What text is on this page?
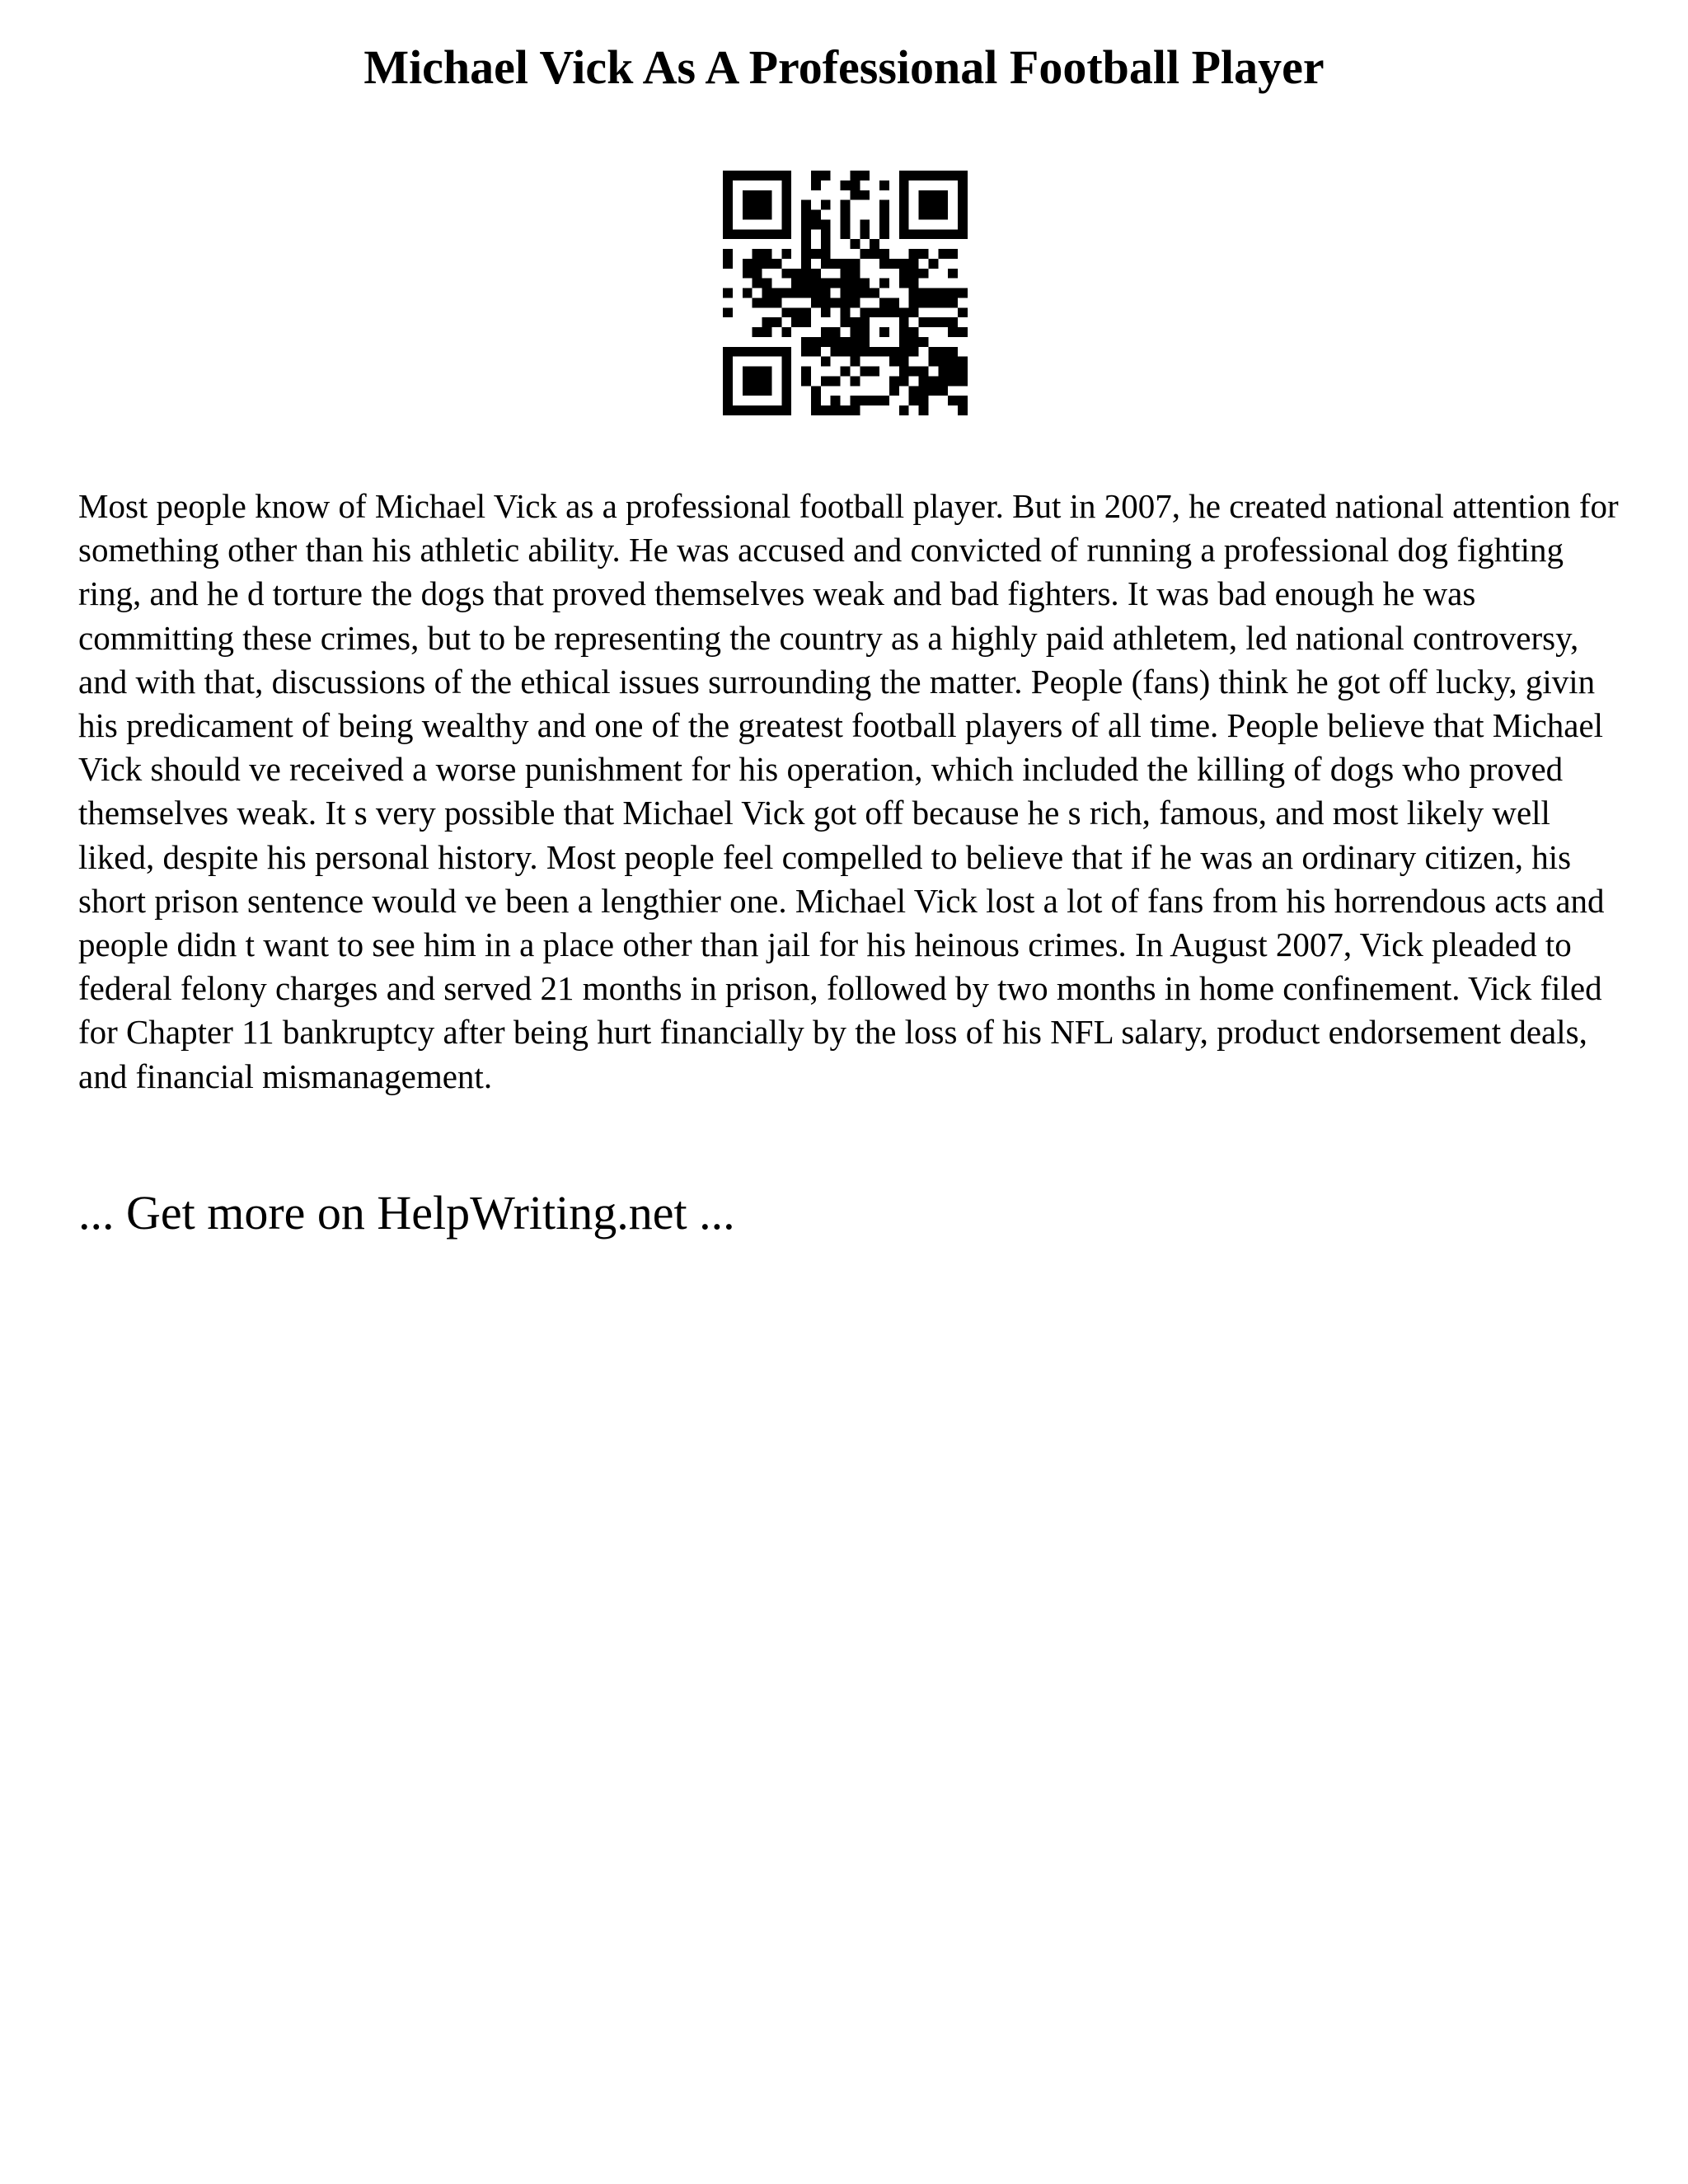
Michael Vick As A Professional Football Player

Most people know of Michael Vick as a professional football player. But in 2007, he created national attention for something other than his athletic ability. He was accused and convicted of running a professional dog fighting ring, and he d torture the dogs that proved themselves weak and bad fighters. It was bad enough he was committing these crimes, but to be representing the country as a highly paid athletem, led national controversy, and with that, discussions of the ethical issues surrounding the matter. People (fans) think he got off lucky, givin his predicament of being wealthy and one of the greatest football players of all time. People believe that Michael Vick should ve received a worse punishment for his operation, which included the killing of dogs who proved themselves weak. It s very possible that Michael Vick got off because he s rich, famous, and most likely well liked, despite his personal history. Most people feel compelled to believe that if he was an ordinary citizen, his short prison sentence would ve been a lengthier one. Michael Vick lost a lot of fans from his horrendous acts and people didn t want to see him in a place other than jail for his heinous crimes. In August 2007, Vick pleaded to federal felony charges and served 21 months in prison, followed by two months in home confinement. Vick filed for Chapter 11 bankruptcy after being hurt financially by the loss of his NFL salary, product endorsement deals, and financial mismanagement.

... Get more on HelpWriting.net ...
